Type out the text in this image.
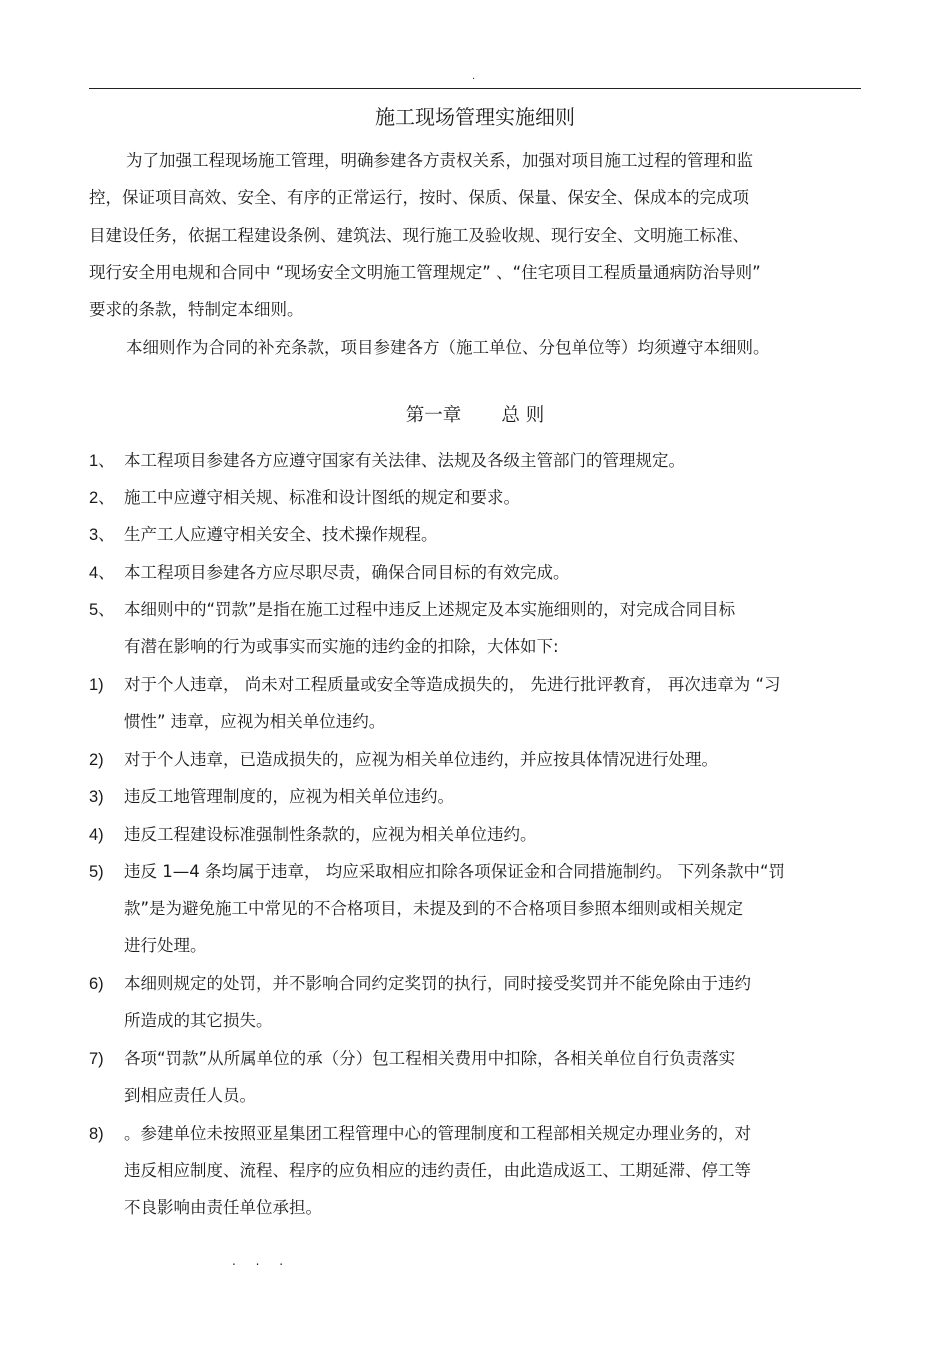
.
施工现场管理实施细则
为了加强工程现场施工管理，明确参建各方责权关系，加强对项目施工过程的管理和监
控，保证项目高效、安全、有序的正常运行，按时、保质、保量、保安全、保成本的完成项
目建设任务，依据工程建设条例、建筑法、现行施工及验收规、现行安全、文明施工标准、
现行安全用电规和合同中 “现场安全文明施工管理规定” 、“住宅项目工程质量通病防治导则”
要求的条款，特制定本细则。
本细则作为合同的补充条款，项目参建各方（施工单位、分包单位等）均须遵守本细则。
第一章 总 则
1、 本工程项目参建各方应遵守国家有关法律、法规及各级主管部门的管理规定。
2、 施工中应遵守相关规、标准和设计图纸的规定和要求。
3、 生产工人应遵守相关安全、技术操作规程。
4、 本工程项目参建各方应尽职尽责，确保合同目标的有效完成。
5、 本细则中的“罚款”是指在施工过程中违反上述规定及本实施细则的，对完成合同目标
有潜在影响的行为或事实而实施的违约金的扣除，大体如下:
1) 对于个人违章， 尚未对工程质量或安全等造成损失的， 先进行批评教育， 再次违章为 “习
惯性” 违章，应视为相关单位违约。
2) 对于个人违章，已造成损失的，应视为相关单位违约，并应按具体情况进行处理。
3) 违反工地管理制度的，应视为相关单位违约。
4) 违反工程建设标准强制性条款的，应视为相关单位违约。
5) 违反 1—4 条均属于违章， 均应采取相应扣除各项保证金和合同措施制约。 下列条款中“罚
款”是为避免施工中常见的不合格项目，未提及到的不合格项目参照本细则或相关规定
进行处理。
6) 本细则规定的处罚，并不影响合同约定奖罚的执行，同时接受奖罚并不能免除由于违约
所造成的其它损失。
7) 各项“罚款”从所属单位的承（分）包工程相关费用中扣除，各相关单位自行负责落实
到相应责任人员。
8) 。参建单位未按照亚星集团工程管理中心的管理制度和工程部相关规定办理业务的，对
违反相应制度、流程、程序的应负相应的违约责任，由此造成返工、工期延滞、停工等
不良影响由责任单位承担。
. . .
